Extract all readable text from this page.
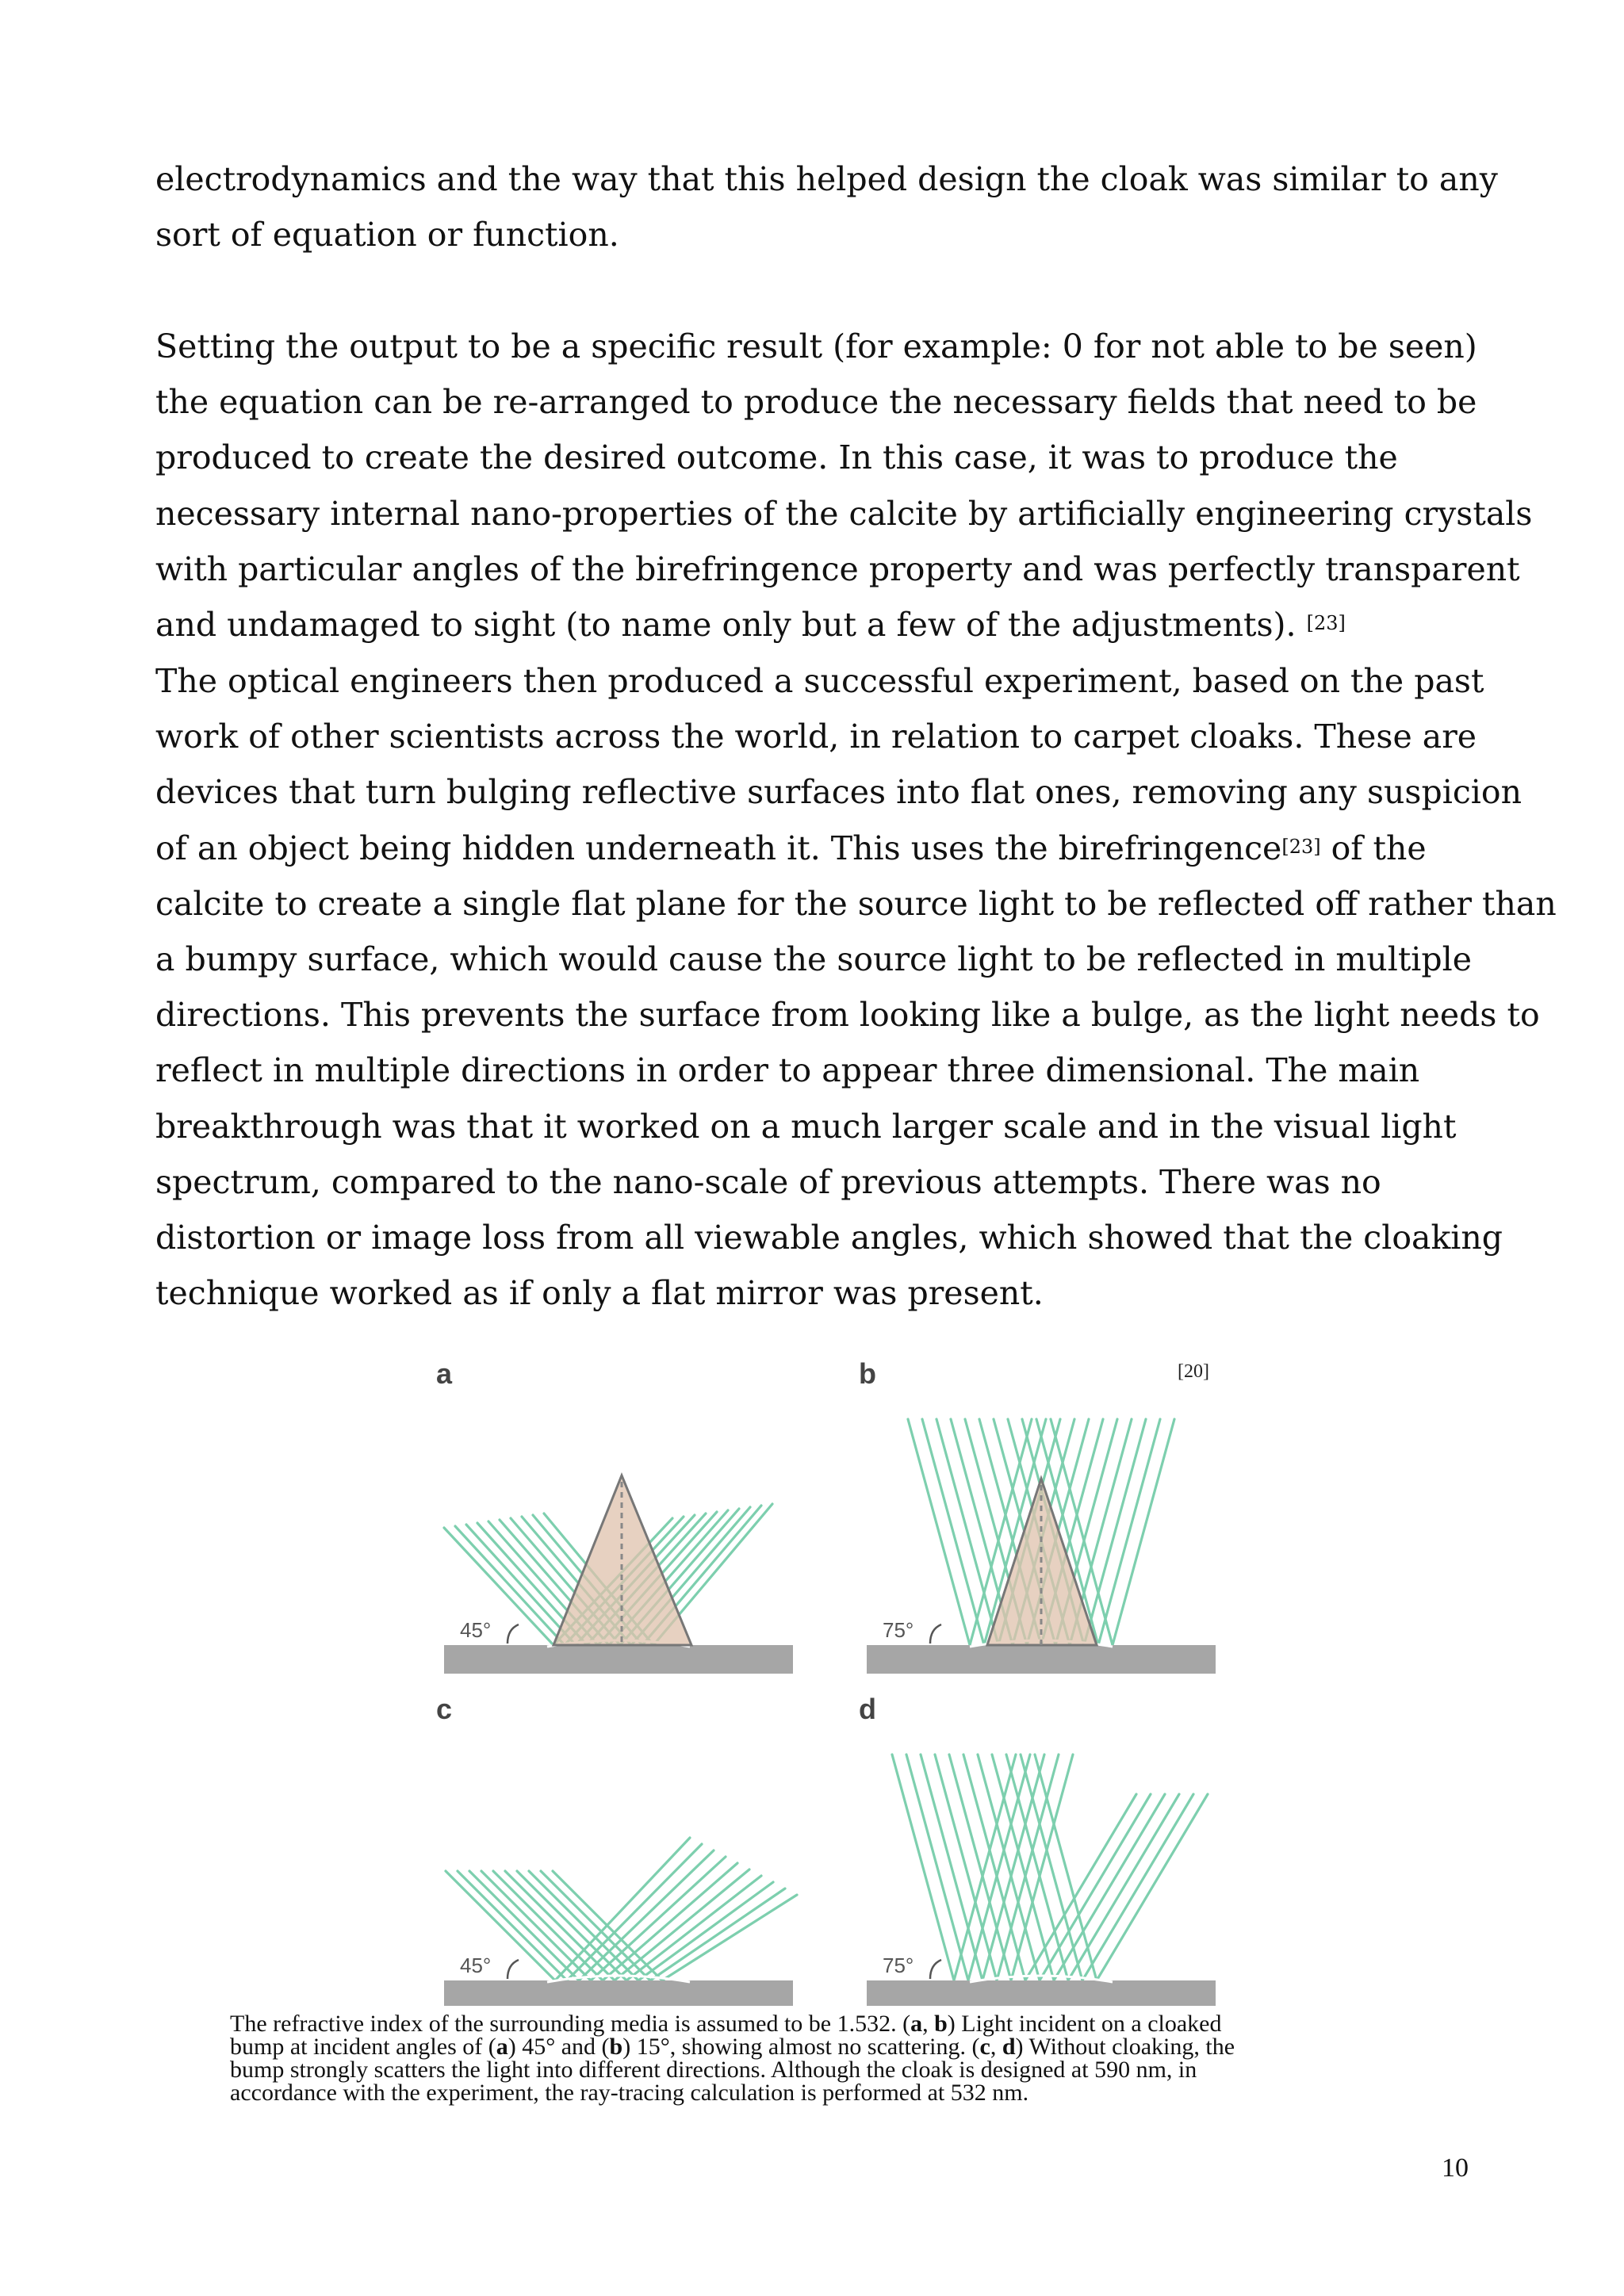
electrodynamics and the way that this helped design the cloak was similar to any
sort of equation or function.
Setting the output to be a specific result (for example: 0 for not able to be seen)
the equation can be re-arranged to produce the necessary fields that need to be
produced to create the desired outcome. In this case, it was to produce the
necessary internal nano-properties of the calcite by artificially engineering crystals
with particular angles of the birefringence property and was perfectly transparent
and undamaged to sight (to name only but a few of the adjustments). [23]
The optical engineers then produced a successful experiment, based on the past
work of other scientists across the world, in relation to carpet cloaks. These are
devices that turn bulging reflective surfaces into flat ones, removing any suspicion
of an object being hidden underneath it. This uses the birefringence[23] of the
calcite to create a single flat plane for the source light to be reflected off rather than
a bumpy surface, which would cause the source light to be reflected in multiple
directions. This prevents the surface from looking like a bulge, as the light needs to
reflect in multiple directions in order to appear three dimensional. The main
breakthrough was that it worked on a much larger scale and in the visual light
spectrum, compared to the nano-scale of previous attempts. There was no
distortion or image loss from all viewable angles, which showed that the cloaking
technique worked as if only a flat mirror was present.
45°
a
75°
b
45°
c
75°
d
[20]
The refractive index of the surrounding media is assumed to be 1.532. (a, b) Light incident on a cloaked
bump at incident angles of (a) 45° and (b) 15°, showing almost no scattering. (c, d) Without cloaking, the
bump strongly scatters the light into different directions. Although the cloak is designed at 590 nm, in
accordance with the experiment, the ray-tracing calculation is performed at 532 nm.
10
